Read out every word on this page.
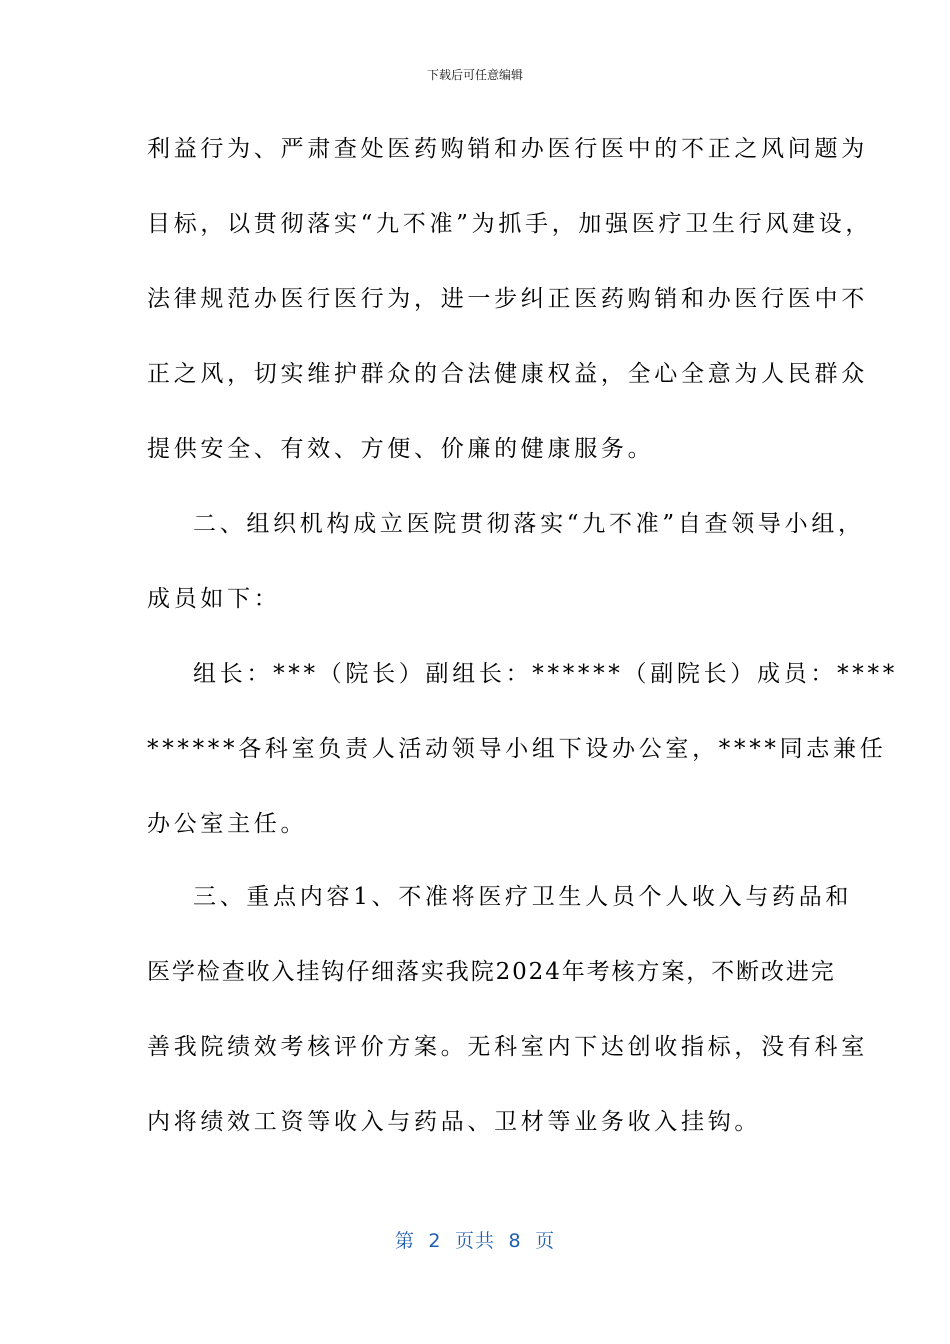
下载后可任意编辑
利益行为、严肃查处医药购销和办医行医中的不正之风问题为
目标，以贯彻落实“九不准”为抓手，加强医疗卫生行风建设，
法律规范办医行医行为，进一步纠正医药购销和办医行医中不
正之风，切实维护群众的合法健康权益，全心全意为人民群众
提供安全、有效、方便、价廉的健康服务。
二、组织机构成立医院贯彻落实“九不准”自查领导小组，
成员如下：
组长：***（院长）副组长：******（副院长）成员：****
******各科室负责人活动领导小组下设办公室，****同志兼任
办公室主任。
三、重点内容1、不准将医疗卫生人员个人收入与药品和
医学检查收入挂钩仔细落实我院2024年考核方案，不断改进完
善我院绩效考核评价方案。无科室内下达创收指标，没有科室
内将绩效工资等收入与药品、卫材等业务收入挂钩。
第 2 页共 8 页
